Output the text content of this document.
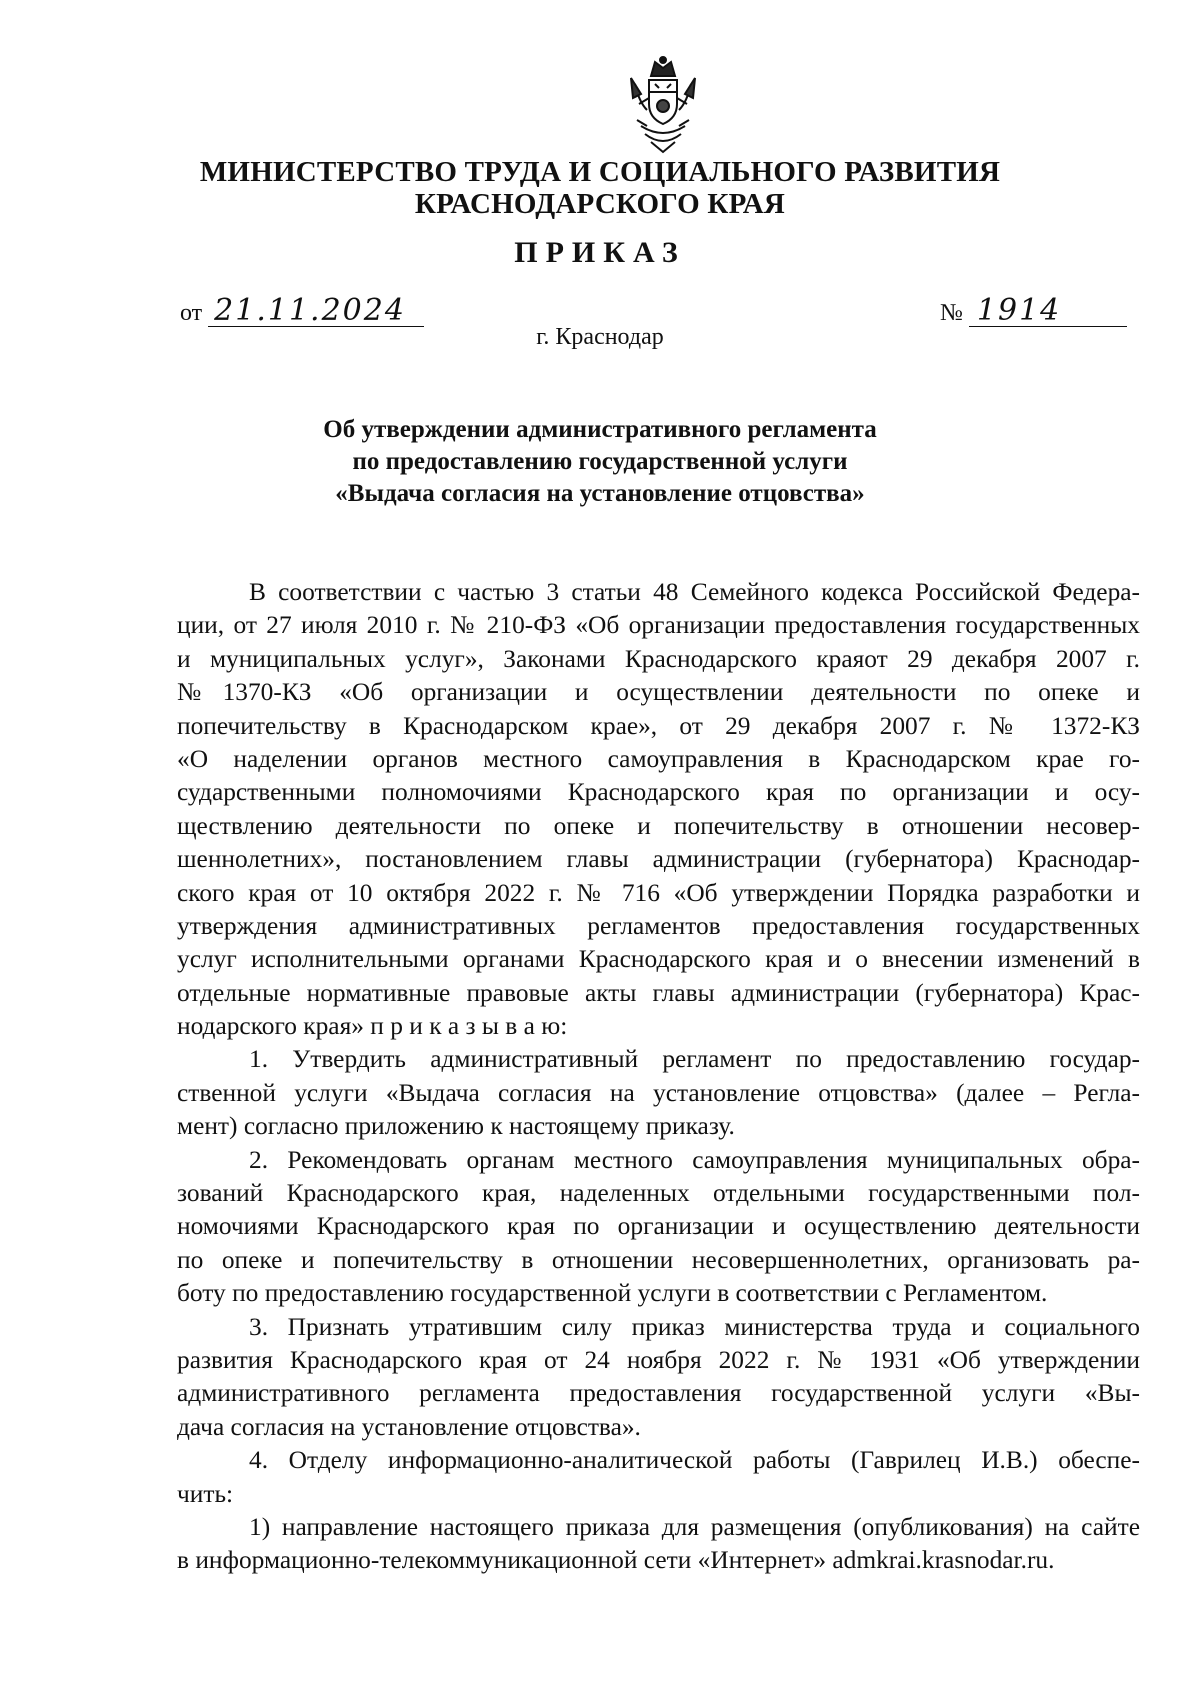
МИНИСТЕРСТВО ТРУДА И СОЦИАЛЬНОГО РАЗВИТИЯ
КРАСНОДАРСКОГО КРАЯ
ПРИКАЗ
от 21.11.2024	№ 1914
г. Краснодар
Об утверждении административного регламента
по предоставлению государственной услуги
«Выдача согласия на установление отцовства»
В соответствии с частью 3 статьи 48 Семейного кодекса Российской Федера-
ции, от 27 июля 2010 г. № 210-ФЗ «Об организации предоставления государственных
и муниципальных услуг», Законами Краснодарского краяот 29 декабря 2007 г.
№1370-КЗ «Об организации и осуществлении деятельности по опеке и
попечительству в Краснодарском крае», от 29 декабря 2007 г. № 1372-КЗ
«О наделении органов местного самоуправления в Краснодарском крае го-
сударственными полномочиями Краснодарского края по организации и осу-
ществлению деятельности по опеке и попечительству в отношении несовер-
шеннолетних», постановлением главы администрации (губернатора) Краснодар-
ского края от 10 октября 2022 г. № 716 «Об утверждении Порядка разработки и
утверждения административных регламентов предоставления государственных
услуг исполнительными органами Краснодарского края и о внесении изменений в
отдельные нормативные правовые акты главы администрации (губернатора) Крас-
нодарского края» п р и к а з ы в а ю:
1. Утвердить административный регламент по предоставлению государ-
ственной услуги «Выдача согласия на установление отцовства» (далее – Регла-
мент) согласно приложению к настоящему приказу.
2. Рекомендовать органам местного самоуправления муниципальных обра-
зований Краснодарского края, наделенных отдельными государственными пол-
номочиями Краснодарского края по организации и осуществлению деятельности
по опеке и попечительству в отношении несовершеннолетних, организовать ра-
боту по предоставлению государственной услуги в соответствии с Регламентом.
3. Признать утратившим силу приказ министерства труда и социального
развития Краснодарского края от 24 ноября 2022 г. № 1931 «Об утверждении
административного регламента предоставления государственной услуги «Вы-
дача согласия на установление отцовства».
4. Отделу информационно-аналитической работы (Гаврилец И.В.) обеспе-
чить:
1) направление настоящего приказа для размещения (опубликования) на сайте
в информационно-телекоммуникационной сети «Интернет» admkrai.krasnodar.ru.
